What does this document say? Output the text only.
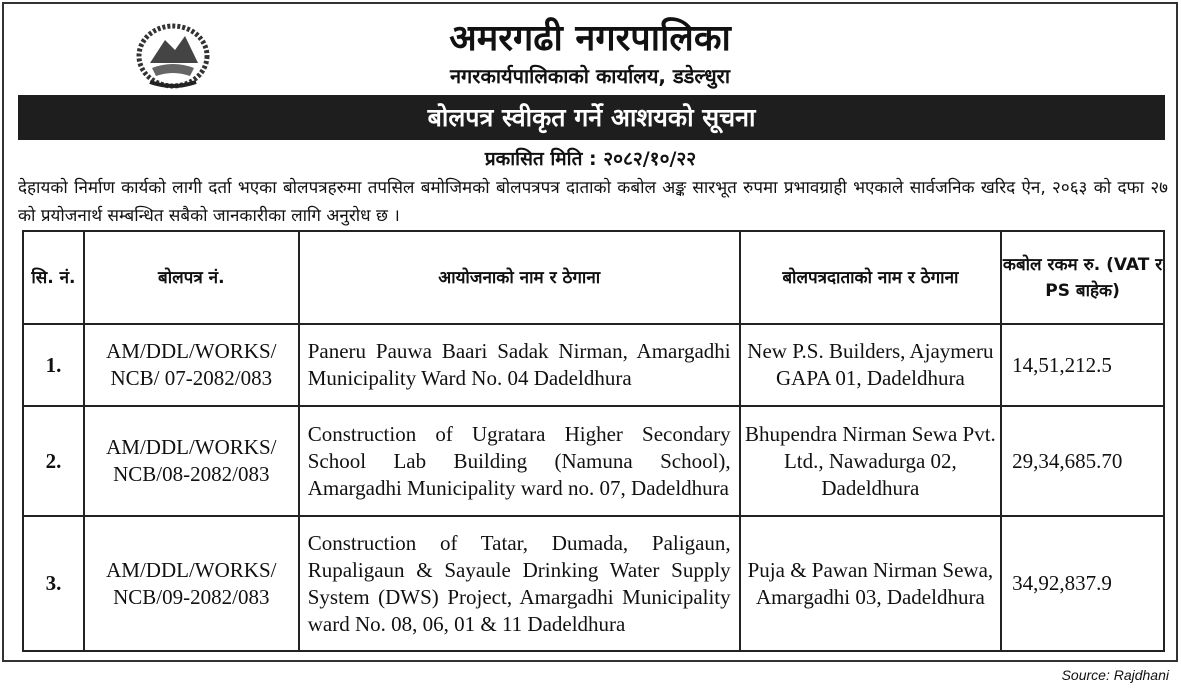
अमरगढी नगरपालिका
नगरकार्यपालिकाको कार्यालय, डडेल्धुरा
बोलपत्र स्वीकृत गर्ने आशयको सूचना
प्रकासित मिति : २०८२/१०/२२
देहायको निर्माण कार्यको लागी दर्ता भएका बोलपत्रहरुमा तपसिल बमोजिमको बोलपत्रपत्र दाताको कबोल अङ्क सारभूत रुपमा प्रभावग्राही भएकाले सार्वजनिक खरिद ऐन, २०६३ को दफा २७ को प्रयोजनार्थ सम्बन्धित सबैको जानकारीका लागि अनुरोध छ ।
सि. नं.	बोलपत्र नं.	आयोजनाको नाम र ठेगाना	बोलपत्रदाताको नाम र ठेगाना	कबोल रकम रु. (VAT र PS बाहेक)
1.	AM/DDL/WORKS/ NCB/ 07-2082/083	Paneru Pauwa Baari Sadak Nirman, Amargadhi Municipality Ward No. 04 Dadeldhura	New P.S. Builders, Ajaymeru GAPA 01, Dadeldhura	14,51,212.5
2.	AM/DDL/WORKS/ NCB/08-2082/083	Construction of Ugratara Higher Secondary School Lab Building (Namuna School), Amargadhi Municipality ward no. 07, Dadeldhura	Bhupendra Nirman Sewa Pvt. Ltd., Nawadurga 02, Dadeldhura	29,34,685.70
3.	AM/DDL/WORKS/ NCB/09-2082/083	Construction of Tatar, Dumada, Paligaun, Rupaligaun & Sayaule Drinking Water Supply System (DWS) Project, Amargadhi Municipality ward No. 08, 06, 01 & 11 Dadeldhura	Puja & Pawan Nirman Sewa, Amargadhi 03, Dadeldhura	34,92,837.9
Source: Rajdhani
